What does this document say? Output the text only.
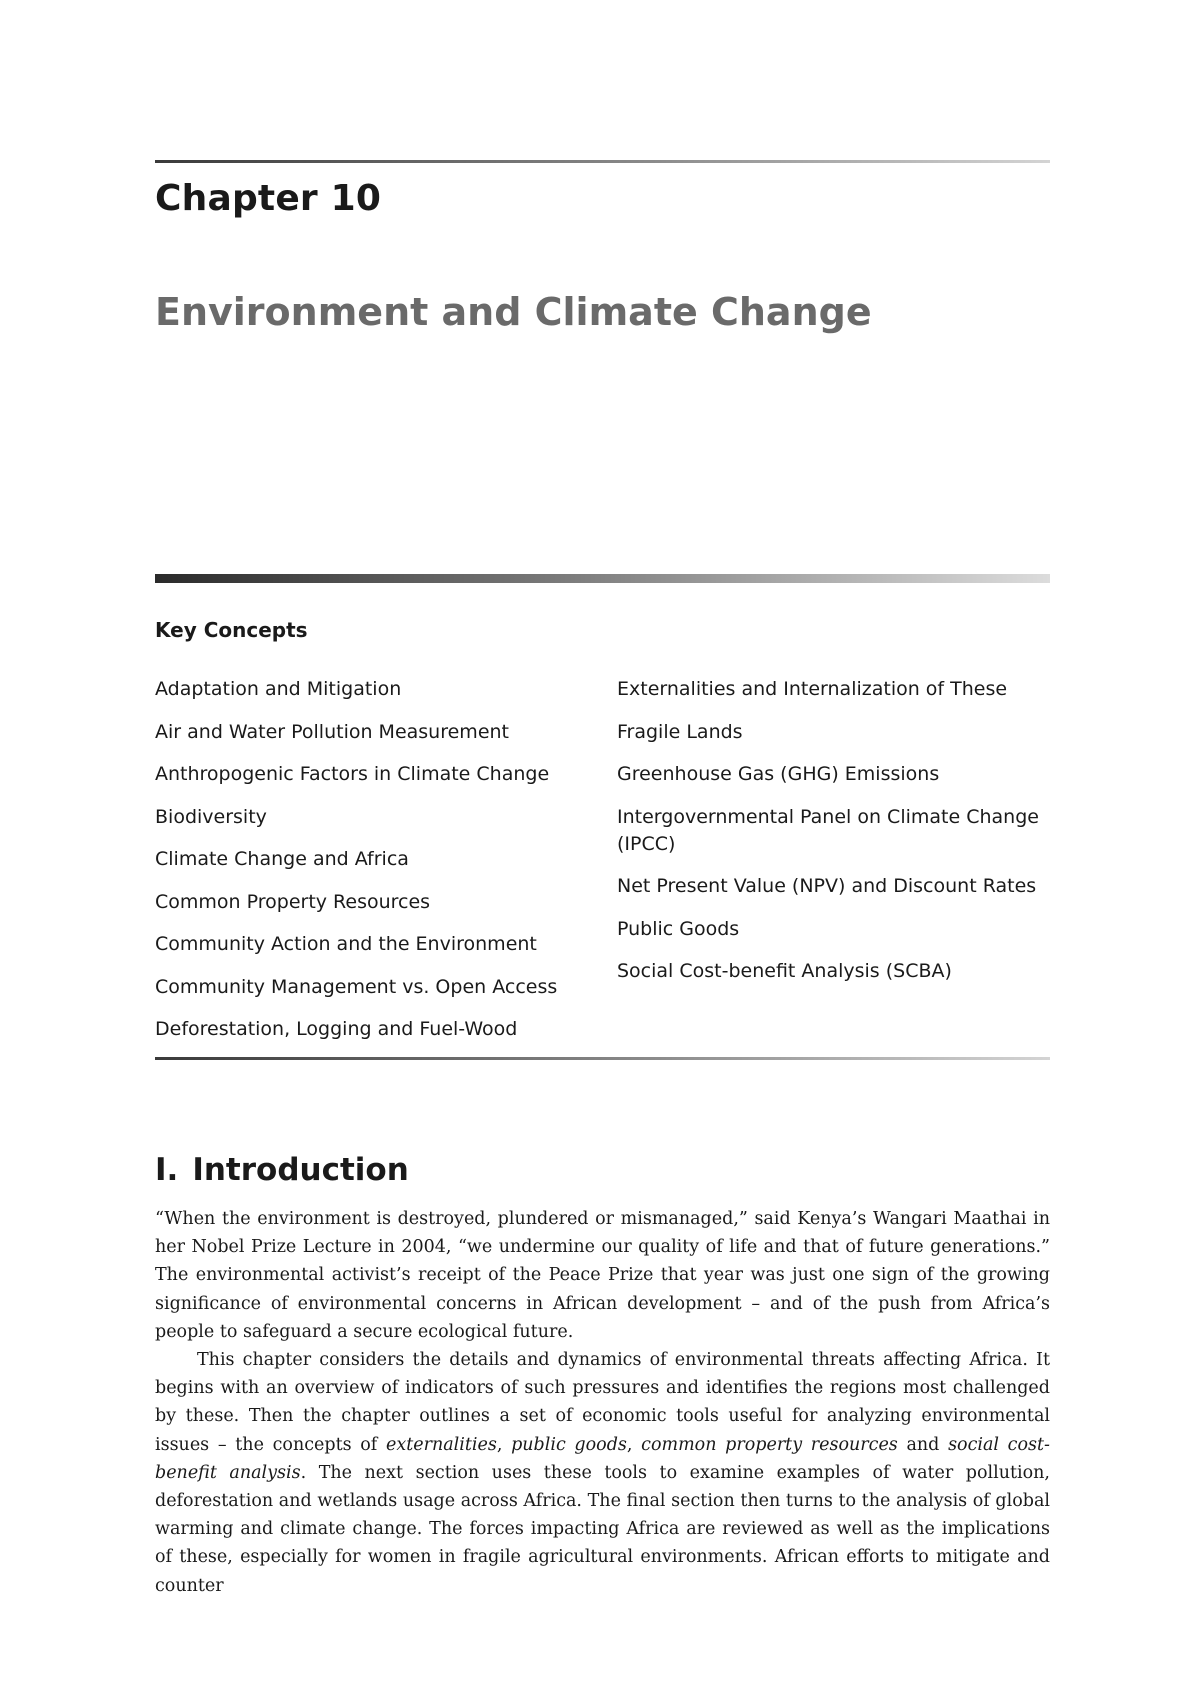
Chapter 10
Environment and Climate Change
Key Concepts
Adaptation and Mitigation
Air and Water Pollution Measurement
Anthropogenic Factors in Climate Change
Biodiversity
Climate Change and Africa
Common Property Resources
Community Action and the Environment
Community Management vs. Open Access
Deforestation, Logging and Fuel-Wood
Externalities and Internalization of These
Fragile Lands
Greenhouse Gas (GHG) Emissions
Intergovernmental Panel on Climate Change (IPCC)
Net Present Value (NPV) and Discount Rates
Public Goods
Social Cost-benefit Analysis (SCBA)
I. Introduction

“When the environment is destroyed, plundered or mismanaged,” said Kenya’s Wangari Maathai in her Nobel Prize Lecture in 2004, “we undermine our quality of life and that of future generations.” The environmental activist’s receipt of the Peace Prize that year was just one sign of the growing significance of environmental concerns in African development – and of the push from Africa’s people to safeguard a secure ecological future.

This chapter considers the details and dynamics of environmental threats affecting Africa. It begins with an overview of indicators of such pressures and identifies the regions most challenged by these. Then the chapter outlines a set of economic tools useful for analyzing environmental issues – the concepts of externalities, public goods, common property resources and social cost-benefit analysis. The next section uses these tools to examine examples of water pollution, deforestation and wetlands usage across Africa. The final section then turns to the analysis of global warming and climate change. The forces impacting Africa are reviewed as well as the implications of these, especially for women in fragile agricultural environments. African efforts to mitigate and counter
